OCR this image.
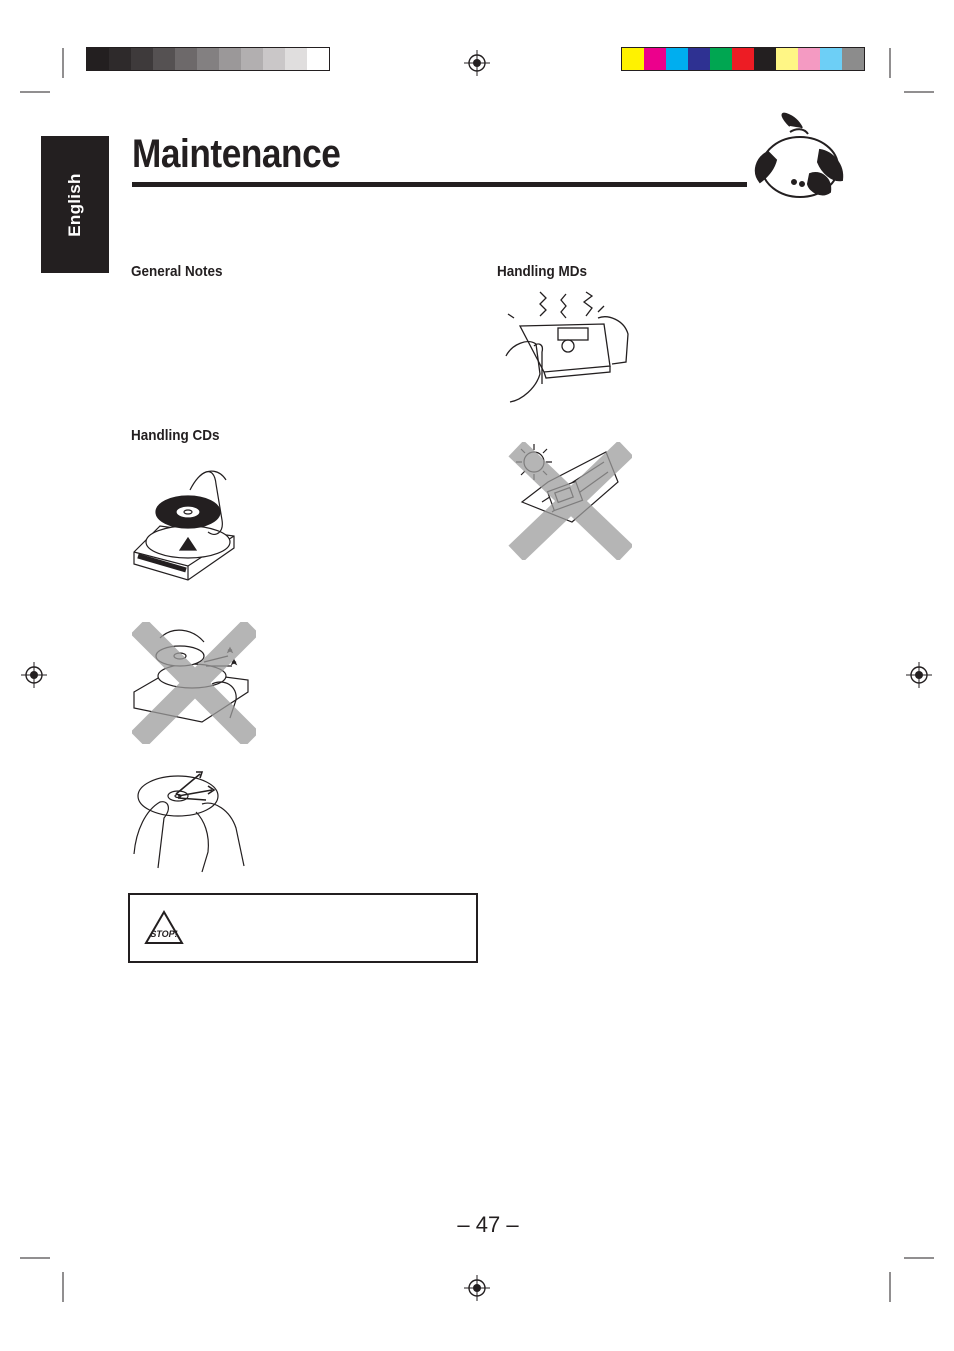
English
Maintenance

General Notes

Handling CDs

Handling MDs

STOP!
– 47 –
